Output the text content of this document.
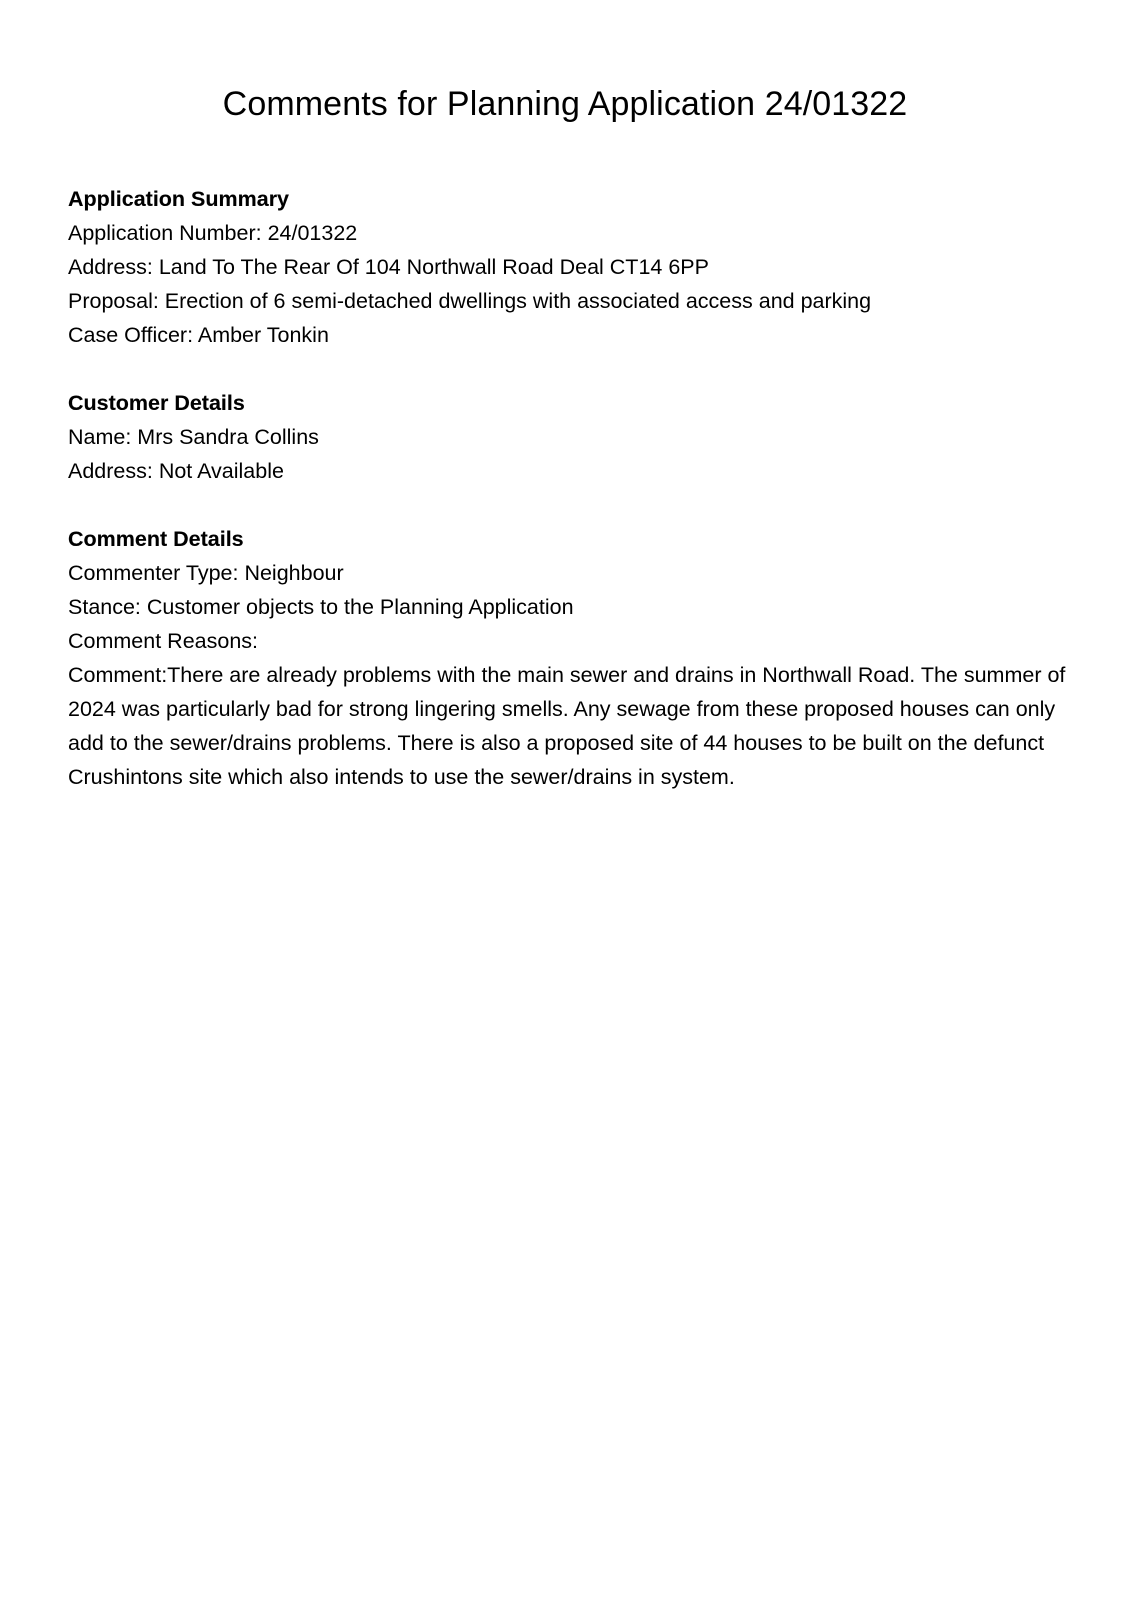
Comments for Planning Application 24/01322

Application Summary

Application Number: 24/01322

Address: Land To The Rear Of 104 Northwall Road Deal CT14 6PP

Proposal: Erection of 6 semi-detached dwellings with associated access and parking

Case Officer: Amber Tonkin

Customer Details

Name: Mrs Sandra Collins

Address: Not Available

Comment Details

Commenter Type: Neighbour

Stance: Customer objects to the Planning Application

Comment Reasons:

Comment:There are already problems with the main sewer and drains in Northwall Road. The summer of 2024 was particularly bad for strong lingering smells. Any sewage from these proposed houses can only add to the sewer/drains problems. There is also a proposed site of 44 houses to be built on the defunct Crushintons site which also intends to use the sewer/drains in system.
